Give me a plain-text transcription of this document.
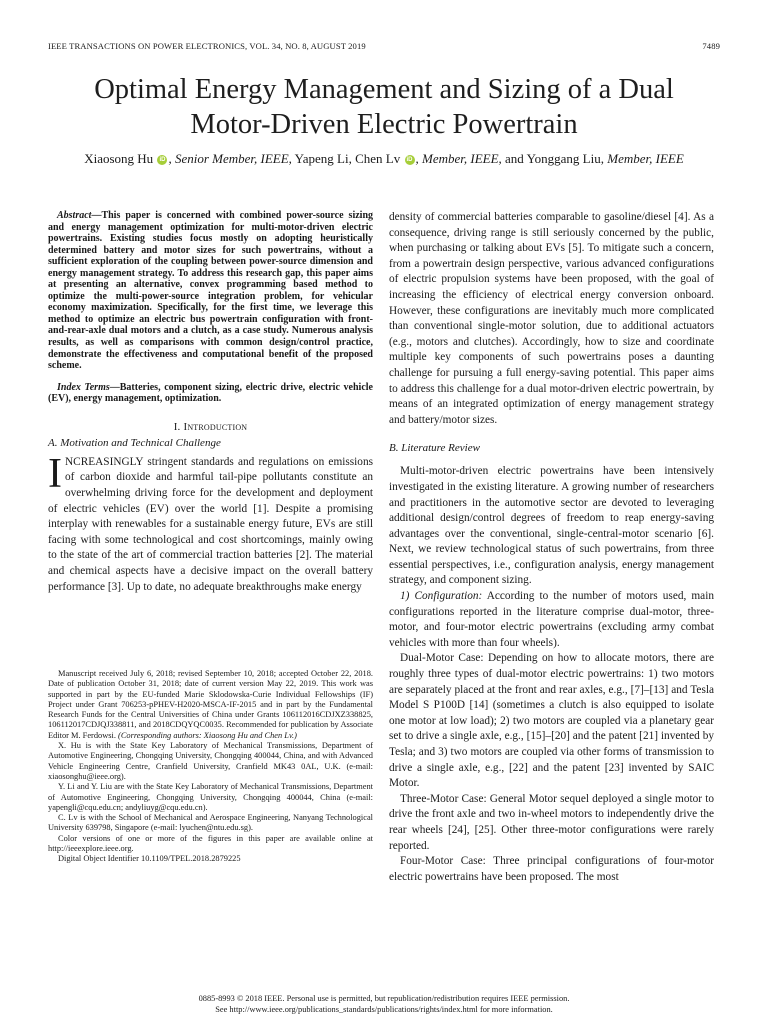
IEEE TRANSACTIONS ON POWER ELECTRONICS, VOL. 34, NO. 8, AUGUST 2019	7489
Optimal Energy Management and Sizing of a Dual
Motor-Driven Electric Powertrain
Xiaosong Hu iD , Senior Member, IEEE, Yapeng Li, Chen Lv iD , Member, IEEE, and Yonggang Liu, Member, IEEE

Abstract—This paper is concerned with combined power-source sizing and energy management optimization for multi-motor-driven electric powertrains. Existing studies focus mostly on adopting heuristically determined battery and motor sizes for such powertrains, without a sufficient exploration of the coupling between power-source dimension and energy management strategy. To address this research gap, this paper aims at presenting an alternative, convex programming based method to optimize the multi-power-source integration problem, for vehicular economy maximization. Specifically, for the first time, we leverage this method to optimize an electric bus powertrain configuration with front-and-rear-axle dual motors and a clutch, as a case study. Numerous analysis results, as well as comparisons with common design/control practice, demonstrate the effectiveness and computational benefit of the proposed scheme.

Index Terms—Batteries, component sizing, electric drive, electric vehicle (EV), energy management, optimization.

I. Introduction
A. Motivation and Technical Challenge

INCREASINGLY stringent standards and regulations on emissions of carbon dioxide and harmful tail-pipe pollutants constitute an overwhelming driving force for the development and deployment of electric vehicles (EV) over the world [1]. Despite a promising interplay with renewables for a sustainable energy future, EVs are still facing with some technological and cost shortcomings, mainly owing to the state of the art of commercial traction batteries [2]. The material and chemical aspects have a decisive impact on the overall battery performance [3]. Up to date, no adequate breakthroughs make energy

Manuscript received July 6, 2018; revised September 10, 2018; accepted October 22, 2018. Date of publication October 31, 2018; date of current version May 22, 2019. This work was supported in part by the EU-funded Marie Sklodowska-Curie Individual Fellowships (IF) Project under Grant 706253-pPHEV-H2020-MSCA-IF-2015 and in part by the Fundamental Research Funds for the Central Universities of China under Grants 106112016CDJXZ338825, 106112017CDJQJ338811, and 2018CDQYQC0035. Recommended for publication by Associate Editor M. Ferdowsi. (Corresponding authors: Xiaosong Hu and Chen Lv.)

X. Hu is with the State Key Laboratory of Mechanical Transmissions, Department of Automotive Engineering, Chongqing University, Chongqing 400044, China, and with Advanced Vehicle Engineering Centre, Cranfield University, Cranfield MK43 0AL, U.K. (e-mail: xiaosonghu@ieee.org).

Y. Li and Y. Liu are with the State Key Laboratory of Mechanical Transmissions, Department of Automotive Engineering, Chongqing University, Chongqing 400044, China (e-mail: yapengli@cqu.edu.cn; andyliuyg@cqu.edu.cn).

C. Lv is with the School of Mechanical and Aerospace Engineering, Nanyang Technological University 639798, Singapore (e-mail: lyuchen@ntu.edu.sg).

Color versions of one or more of the figures in this paper are available online at http://ieeexplore.ieee.org.

Digital Object Identifier 10.1109/TPEL.2018.2879225

density of commercial batteries comparable to gasoline/diesel [4]. As a consequence, driving range is still seriously concerned by the public, when purchasing or talking about EVs [5]. To mitigate such a concern, from a powertrain design perspective, various advanced configurations of electric propulsion systems have been proposed, with the goal of increasing the efficiency of electrical energy conversion onboard. However, these configurations are inevitably much more complicated than conventional single-motor solution, due to additional actuators (e.g., motors and clutches). Accordingly, how to size and coordinate multiple key components of such powertrains poses a daunting challenge for pursuing a full energy-saving potential. This paper aims to address this challenge for a dual motor-driven electric powertrain, by means of an integrated optimization of energy management strategy and battery/motor sizes.

B. Literature Review

Multi-motor-driven electric powertrains have been intensively investigated in the existing literature. A growing number of researchers and practitioners in the automotive sector are devoted to leveraging additional design/control degrees of freedom to reap energy-saving advantages over the conventional, single-central-motor scenario [6]. Next, we review technological status of such powertrains, from three essential perspectives, i.e., configuration analysis, energy management strategy, and component sizing.

1) Configuration: According to the number of motors used, main configurations reported in the literature comprise dual-motor, three-motor, and four-motor electric powertrains (excluding army combat vehicles with more than four wheels).

Dual-Motor Case: Depending on how to allocate motors, there are roughly three types of dual-motor electric powertrains: 1) two motors are separately placed at the front and rear axles, e.g., [7]–[13] and Tesla Model S P100D [14] (sometimes a clutch is also equipped to isolate one motor at low load); 2) two motors are coupled via a planetary gear set to drive a single axle, e.g., [15]–[20] and the patent [21] invented by Tesla; and 3) two motors are coupled via other forms of transmission to drive a single axle, e.g., [22] and the patent [23] invented by SAIC Motor.

Three-Motor Case: General Motor sequel deployed a single motor to drive the front axle and two in-wheel motors to independently drive the rear wheels [24], [25]. Other three-motor configurations were rarely reported.

Four-Motor Case: Three principal configurations of four-motor electric powertrains have been proposed. The most

0885-8993 © 2018 IEEE. Personal use is permitted, but republication/redistribution requires IEEE permission.
See http://www.ieee.org/publications_standards/publications/rights/index.html for more information.
